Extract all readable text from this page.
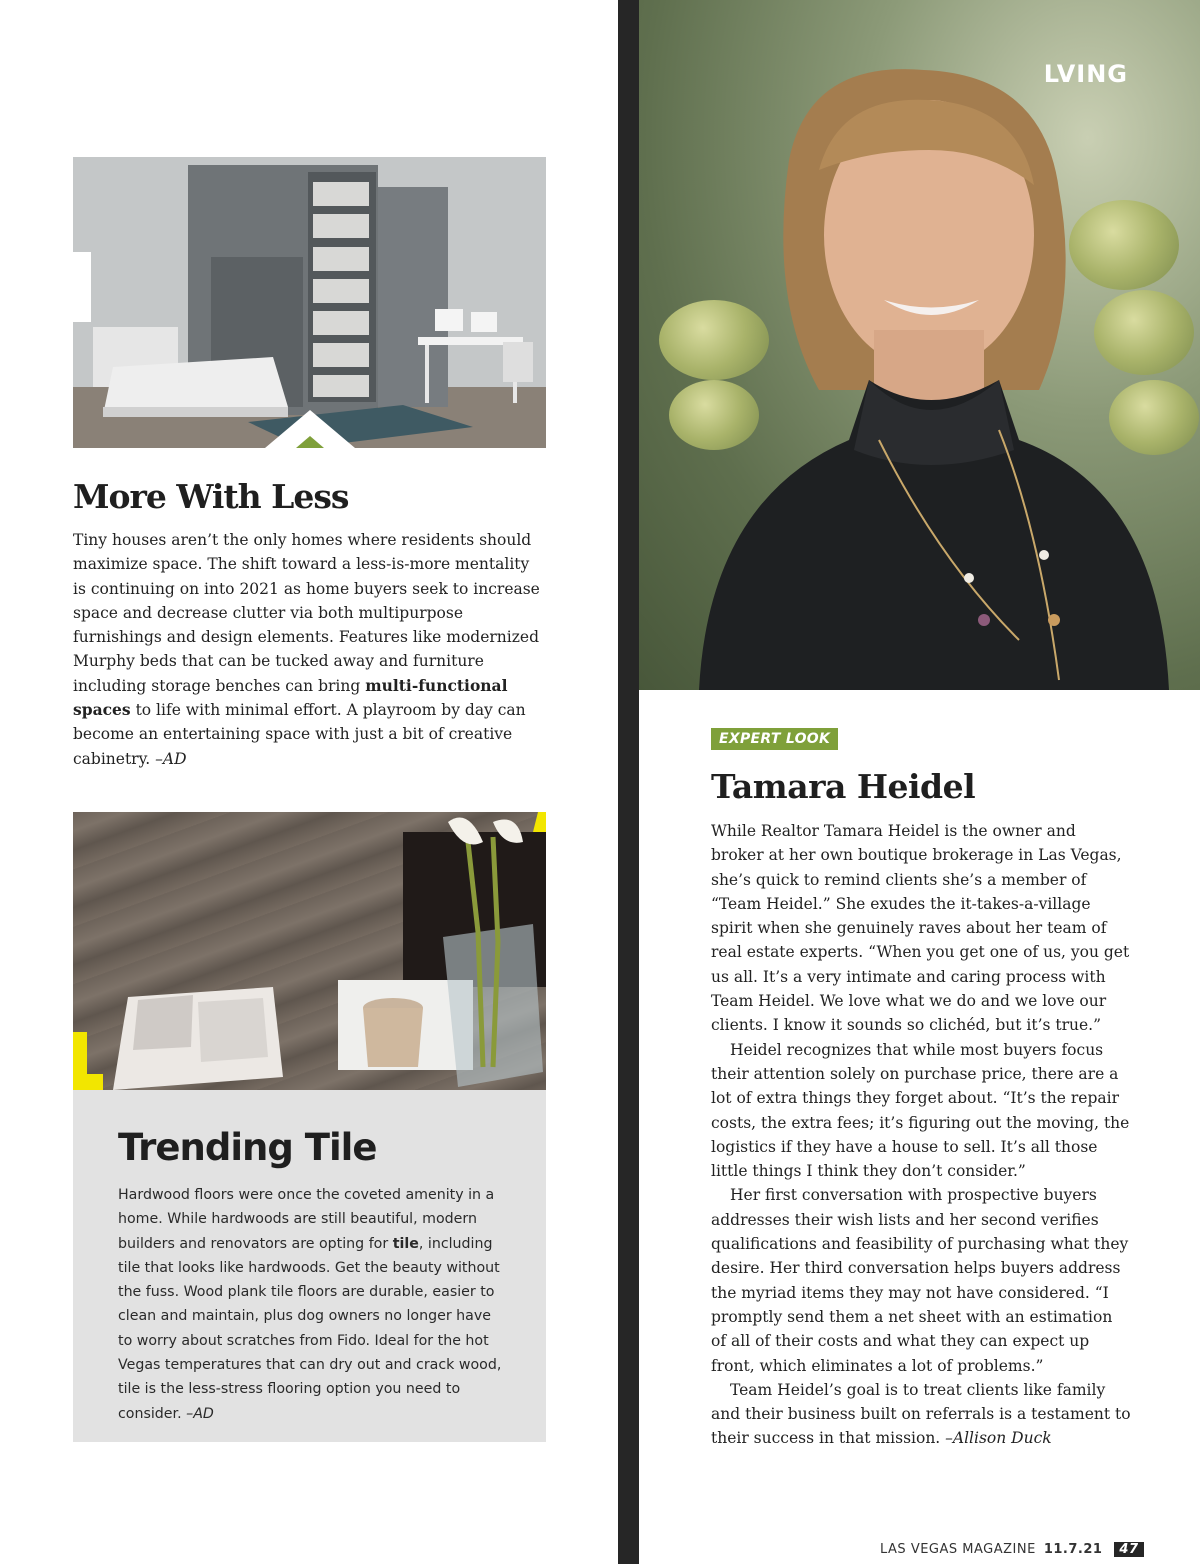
More With Less
Tiny houses aren’t the only homes where residents should maximize space. The shift toward a less-is-more mentality is continuing on into 2021 as home buyers seek to increase space and decrease clutter via both multipurpose furnishings and design elements. Features like modernized Murphy beds that can be tucked away and furniture including storage benches can bring multi-functional spaces to life with minimal effort. A playroom by day can become an entertaining space with just a bit of creative cabinetry. –AD
Trending Tile
Hardwood floors were once the coveted amenity in a home. While hardwoods are still beautiful, modern builders and renovators are opting for tile, including tile that looks like hardwoods. Get the beauty without the fuss. Wood plank tile floors are durable, easier to clean and maintain, plus dog owners no longer have to worry about scratches from Fido. Ideal for the hot Vegas temperatures that can dry out and crack wood, tile is the less-stress flooring option you need to consider. –AD
LVING
EXPERT LOOK
Tamara Heidel

While Realtor Tamara Heidel is the owner and broker at her own boutique brokerage in Las Vegas, she’s quick to remind clients she’s a member of “Team Heidel.” She exudes the it-takes-a-village spirit when she genuinely raves about her team of real estate experts. “When you get one of us, you get us all. It’s a very intimate and caring process with Team Heidel. We love what we do and we love our clients. I know it sounds so clichéd, but it’s true.”

Heidel recognizes that while most buyers focus their attention solely on purchase price, there are a lot of extra things they forget about. “It’s the repair costs, the extra fees; it’s figuring out the moving, the logistics if they have a house to sell. It’s all those little things I think they don’t consider.”

Her first conversation with prospective buyers addresses their wish lists and her second verifies qualifications and feasibility of purchasing what they desire. Her third conversation helps buyers address the myriad items they may not have considered. “I promptly send them a net sheet with an estimation of all of their costs and what they can expect up front, which eliminates a lot of problems.”

Team Heidel’s goal is to treat clients like family and their business built on referrals is a testament to their success in that mission. –Allison Duck

LAS VEGAS MAGAZINE 11.7.21 47
